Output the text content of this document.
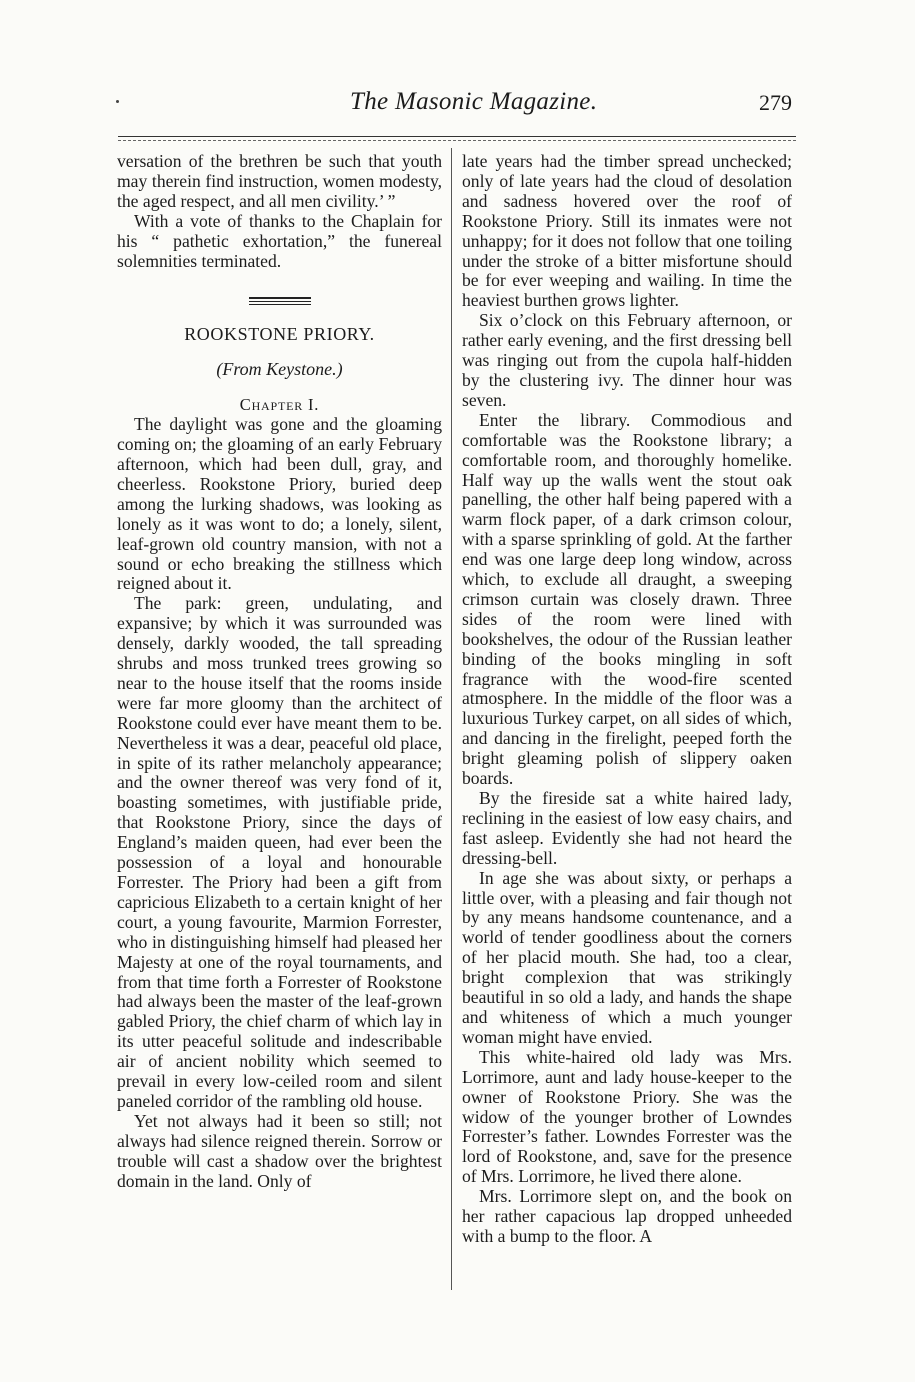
The Masonic Magazine.	279

versation of the brethren be such that youth may therein find instruction, women modesty, the aged respect, and all men civility.’ ”

With a vote of thanks to the Chaplain for his “ pathetic exhortation,” the funereal solemnities terminated.

ROOKSTONE PRIORY.
(From Keystone.)
Chapter I.

The daylight was gone and the gloaming coming on; the gloaming of an early February afternoon, which had been dull, gray, and cheerless. Rookstone Priory, buried deep among the lurking shadows, was looking as lonely as it was wont to do; a lonely, silent, leaf-grown old country mansion, with not a sound or echo breaking the stillness which reigned about it.

The park: green, undulating, and expansive; by which it was surrounded was densely, darkly wooded, the tall spreading shrubs and moss trunked trees growing so near to the house itself that the rooms inside were far more gloomy than the architect of Rookstone could ever have meant them to be. Nevertheless it was a dear, peaceful old place, in spite of its rather melancholy appearance; and the owner thereof was very fond of it, boasting sometimes, with justifiable pride, that Rookstone Priory, since the days of England’s maiden queen, had ever been the possession of a loyal and honourable Forrester. The Priory had been a gift from capricious Elizabeth to a certain knight of her court, a young favourite, Marmion Forrester, who in distinguishing himself had pleased her Majesty at one of the royal tournaments, and from that time forth a Forrester of Rookstone had always been the master of the leaf-grown gabled Priory, the chief charm of which lay in its utter peaceful solitude and indescribable air of ancient nobility which seemed to prevail in every low-ceiled room and silent paneled corridor of the rambling old house.

Yet not always had it been so still; not always had silence reigned therein. Sorrow or trouble will cast a shadow over the brightest domain in the land. Only of

late years had the timber spread unchecked; only of late years had the cloud of desolation and sadness hovered over the roof of Rookstone Priory. Still its inmates were not unhappy; for it does not follow that one toiling under the stroke of a bitter misfortune should be for ever weeping and wailing. In time the heaviest burthen grows lighter.

Six o’clock on this February afternoon, or rather early evening, and the first dressing bell was ringing out from the cupola half-hidden by the clustering ivy. The dinner hour was seven.

Enter the library. Commodious and comfortable was the Rookstone library; a comfortable room, and thoroughly homelike. Half way up the walls went the stout oak panelling, the other half being papered with a warm flock paper, of a dark crimson colour, with a sparse sprinkling of gold. At the farther end was one large deep long window, across which, to exclude all draught, a sweeping crimson curtain was closely drawn. Three sides of the room were lined with bookshelves, the odour of the Russian leather binding of the books mingling in soft fragrance with the wood-fire scented atmosphere. In the middle of the floor was a luxurious Turkey carpet, on all sides of which, and dancing in the firelight, peeped forth the bright gleaming polish of slippery oaken boards.

By the fireside sat a white haired lady, reclining in the easiest of low easy chairs, and fast asleep. Evidently she had not heard the dressing-bell.

In age she was about sixty, or perhaps a little over, with a pleasing and fair though not by any means handsome countenance, and a world of tender goodliness about the corners of her placid mouth. She had, too a clear, bright complexion that was strikingly beautiful in so old a lady, and hands the shape and whiteness of which a much younger woman might have envied.

This white-haired old lady was Mrs. Lorrimore, aunt and lady house-keeper to the owner of Rookstone Priory. She was the widow of the younger brother of Lowndes Forrester’s father. Lowndes Forrester was the lord of Rookstone, and, save for the presence of Mrs. Lorrimore, he lived there alone.

Mrs. Lorrimore slept on, and the book on her rather capacious lap dropped unheeded with a bump to the floor. A
